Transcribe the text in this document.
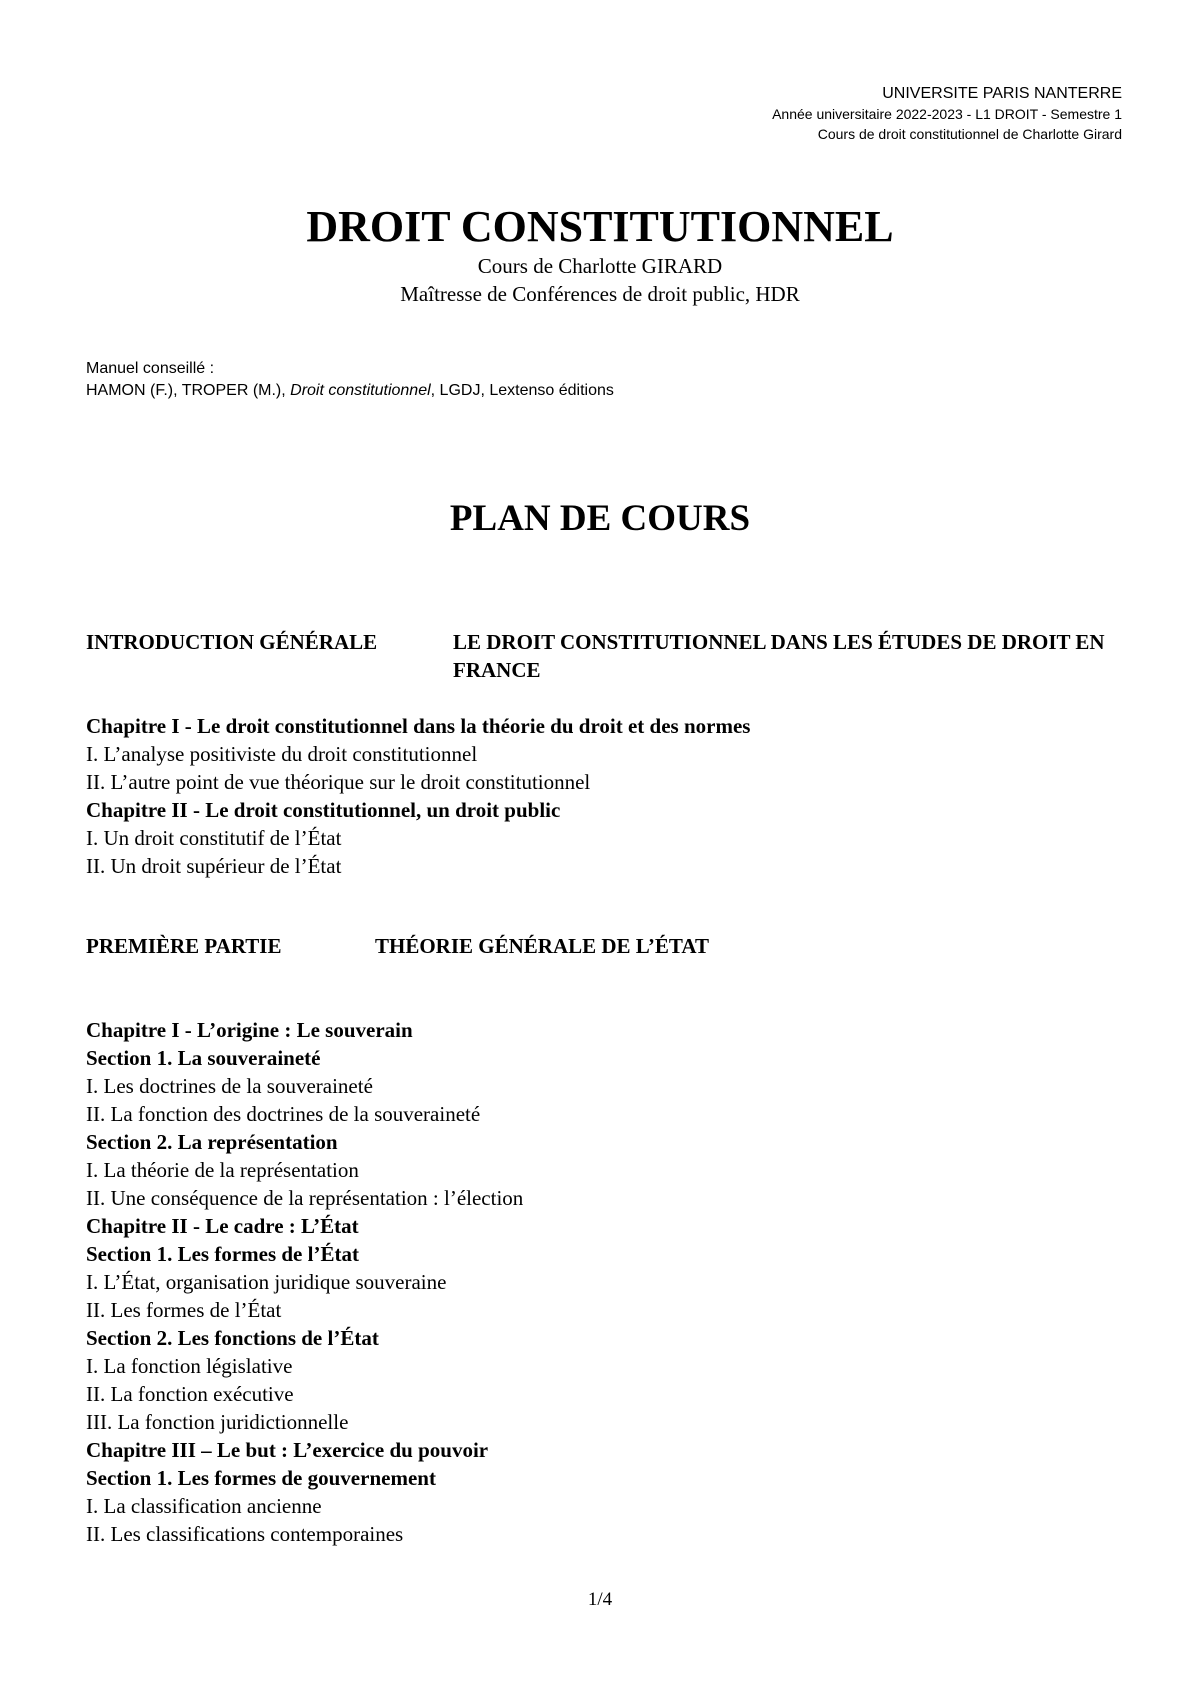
UNIVERSITE PARIS NANTERRE
Année universitaire 2022-2023 - L1 DROIT - Semestre 1
Cours de droit constitutionnel de Charlotte Girard
DROIT CONSTITUTIONNEL
Cours de Charlotte GIRARD
Maîtresse de Conférences de droit public, HDR
Manuel conseillé :
HAMON (F.), TROPER (M.), Droit constitutionnel, LGDJ, Lextenso éditions
PLAN DE COURS
INTRODUCTION GÉNÉRALE	LE DROIT CONSTITUTIONNEL DANS LES ÉTUDES DE DROIT EN FRANCE
Chapitre I - Le droit constitutionnel dans la théorie du droit et des normes
I. L’analyse positiviste du droit constitutionnel
II. L’autre point de vue théorique sur le droit constitutionnel
Chapitre II - Le droit constitutionnel, un droit public
I. Un droit constitutif de l’État
II. Un droit supérieur de l’État
PREMIÈRE PARTIE	THÉORIE GÉNÉRALE DE L’ÉTAT
Chapitre I - L’origine : Le souverain
Section 1. La souveraineté
I. Les doctrines de la souveraineté
II. La fonction des doctrines de la souveraineté
Section 2. La représentation
I. La théorie de la représentation
II. Une conséquence de la représentation : l’élection
Chapitre II - Le cadre : L’État
Section 1. Les formes de l’État
I. L’État, organisation juridique souveraine
II. Les formes de l’État
Section 2. Les fonctions de l’État
I. La fonction législative
II. La fonction exécutive
III. La fonction juridictionnelle
Chapitre III – Le but : L’exercice du pouvoir
Section 1. Les formes de gouvernement
I. La classification ancienne
II. Les classifications contemporaines
1/4
